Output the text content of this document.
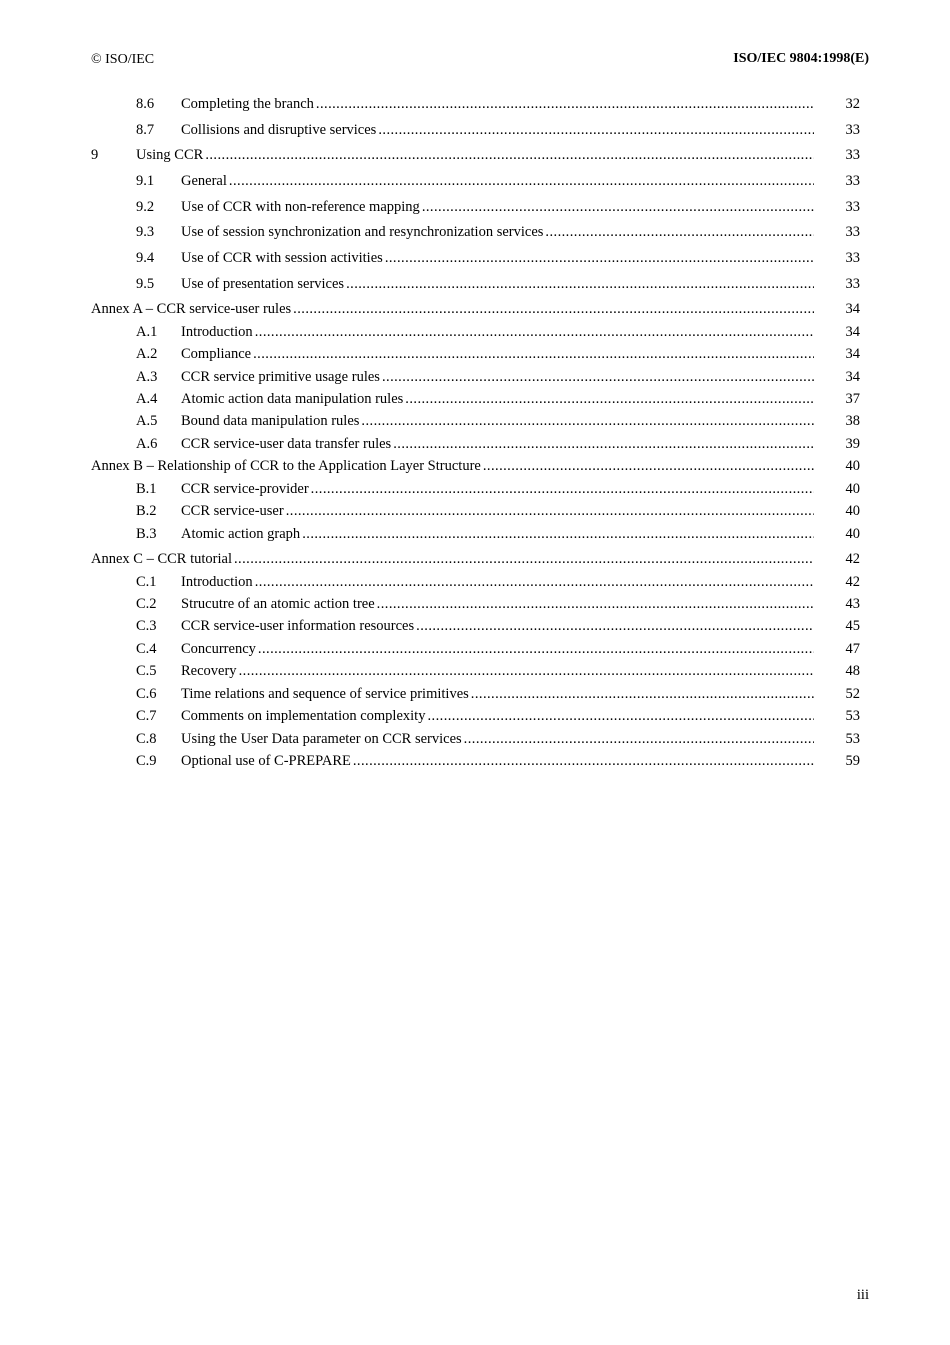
© ISO/IEC	ISO/IEC 9804:1998(E)
8.6 Completing the branch . . .	32
8.7 Collisions and disruptive services . . .	33
9	Using CCR . . .	33
9.1 General . . .	33
9.2 Use of CCR with non-reference mapping . . .	33
9.3 Use of session synchronization and resynchronization services . . .	33
9.4 Use of CCR with session activities . . .	33
9.5 Use of presentation services . . .	33
Annex A – CCR service-user rules . . .	34
A.1 Introduction . . .	34
A.2 Compliance . . .	34
A.3 CCR service primitive usage rules . . .	34
A.4 Atomic action data manipulation rules . . .	37
A.5 Bound data manipulation rules . . .	38
A.6 CCR service-user data transfer rules . . .	39
Annex B – Relationship of CCR to the Application Layer Structure . . .	40
B.1 CCR service-provider . . .	40
B.2 CCR service-user . . .	40
B.3 Atomic action graph . . .	40
Annex C – CCR tutorial . . .	42
C.1 Introduction . . .	42
C.2 Strucutre of an atomic action tree . . .	43
C.3 CCR service-user information resources . . .	45
C.4 Concurrency . . .	47
C.5 Recovery . . .	48
C.6 Time relations and sequence of service primitives . . .	52
C.7 Comments on implementation complexity . . .	53
C.8 Using the User Data parameter on CCR services . . .	53
C.9 Optional use of C-PREPARE . . .	59
iii
